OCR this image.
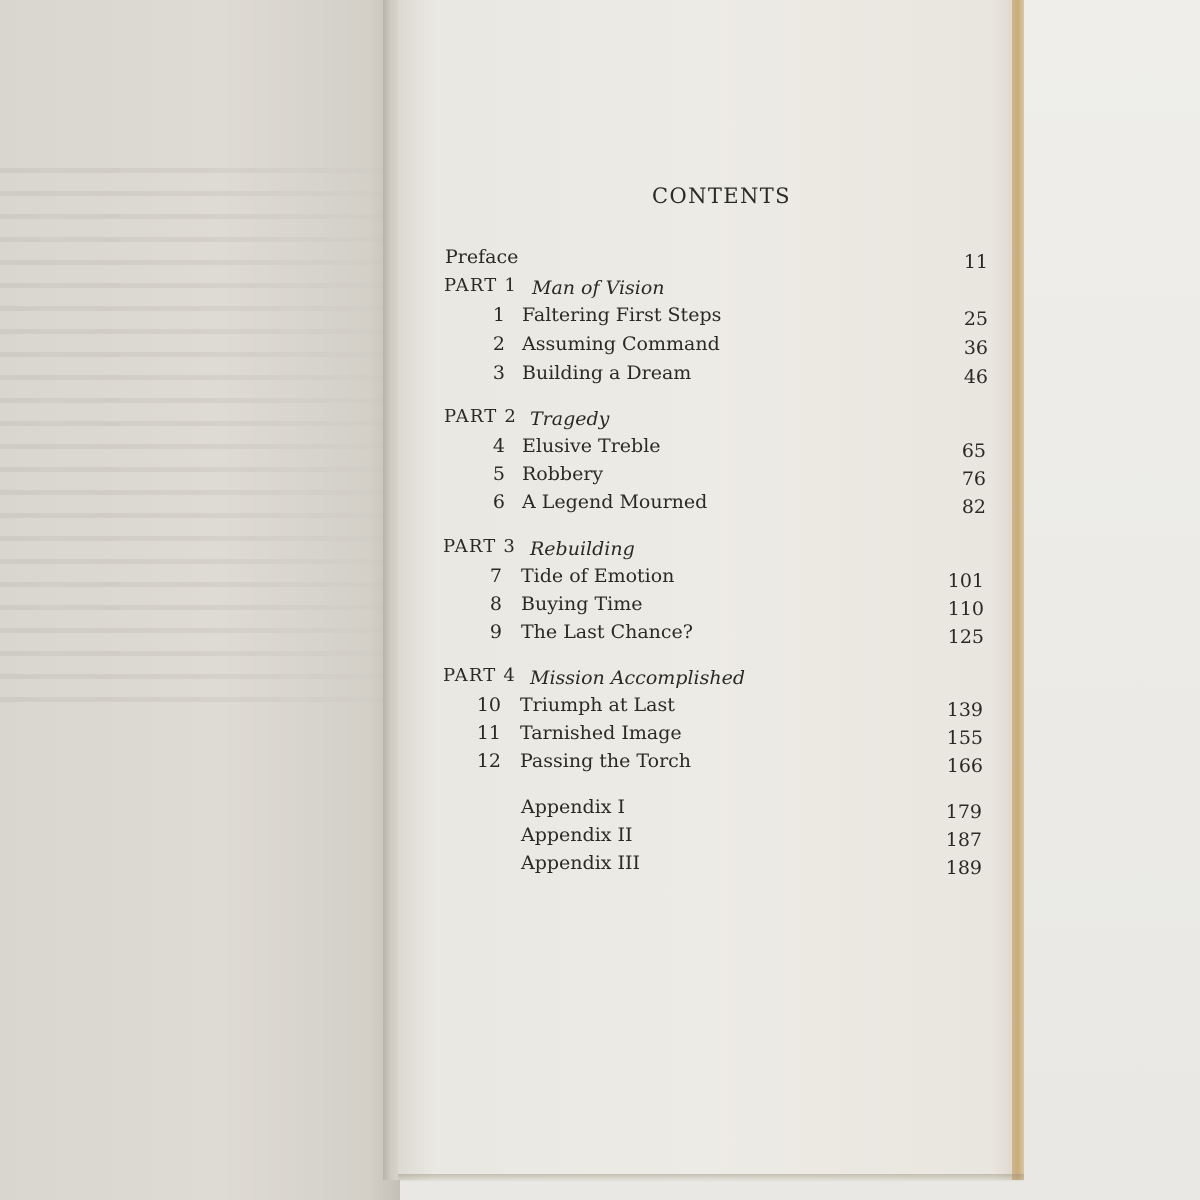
CONTENTS
Preface	11
PART 1 Man of Vision
1 Faltering First Steps	25
2 Assuming Command	36
3 Building a Dream	46
PART 2 Tragedy
4 Elusive Treble	65
5 Robbery	76
6 A Legend Mourned	82
PART 3 Rebuilding
7 Tide of Emotion	101
8 Buying Time	110
9 The Last Chance?	125
PART 4 Mission Accomplished
10 Triumph at Last	139
11 Tarnished Image	155
12 Passing the Torch	166
Appendix I	179
Appendix II	187
Appendix III	189
